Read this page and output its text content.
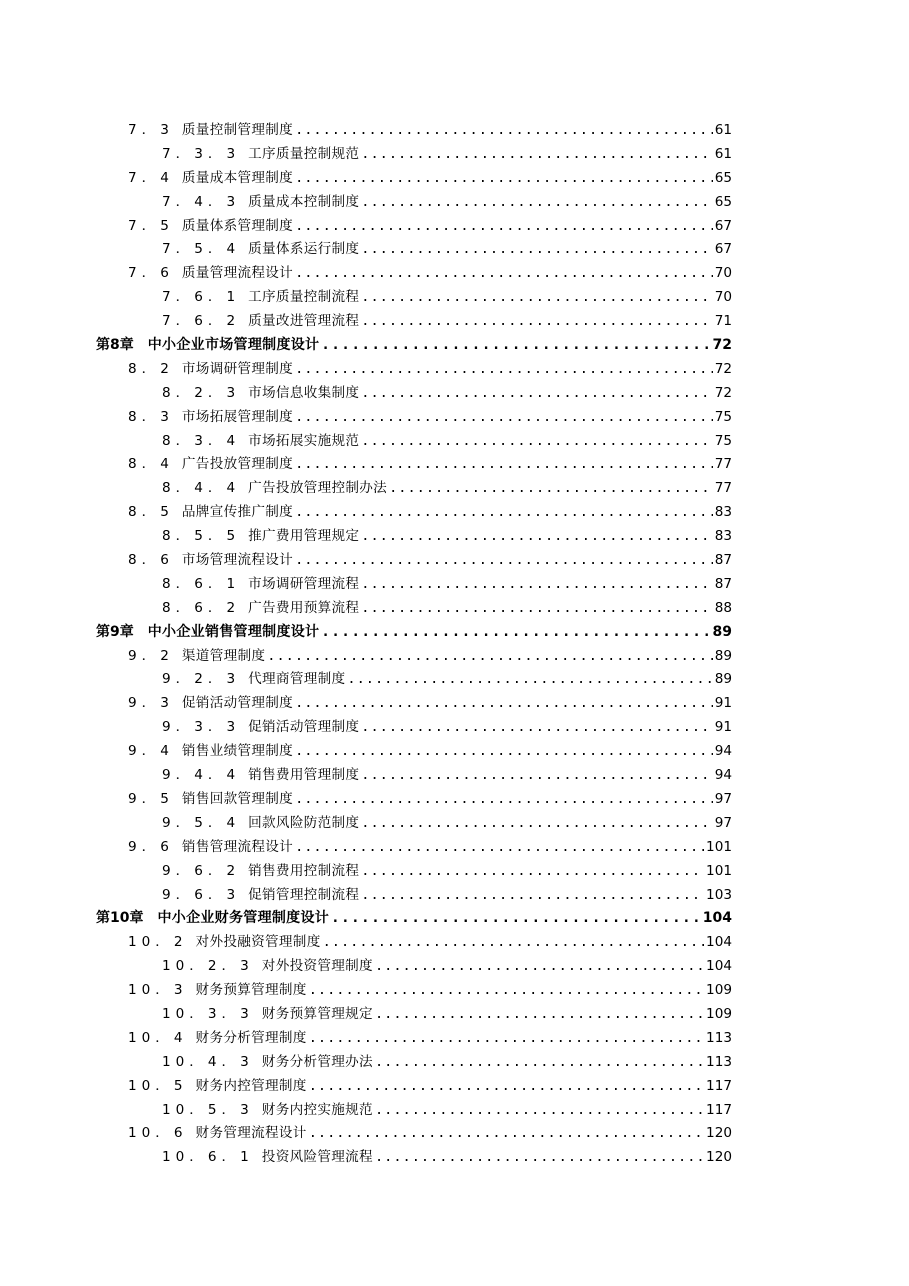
7．3 质量控制管理制度 .....	61
7．3．3 工序质量控制规范 .....	61
7．4 质量成本管理制度 .....	65
7．4．3 质量成本控制制度 .....	65
7．5 质量体系管理制度 .....	67
7．5．4 质量体系运行制度 .....	67
7．6 质量管理流程设计 .....	70
7．6．1 工序质量控制流程 .....	70
7．6．2 质量改进管理流程 .....	71
第8章 中小企业市场管理制度设计 .....	72
8．2 市场调研管理制度 .....	72
8．2．3 市场信息收集制度 .....	72
8．3 市场拓展管理制度 .....	75
8．3．4 市场拓展实施规范 .....	75
8．4 广告投放管理制度 .....	77
8．4．4 广告投放管理控制办法 .....	77
8．5 品牌宣传推广制度 .....	83
8．5．5 推广费用管理规定 .....	83
8．6 市场管理流程设计 .....	87
8．6．1 市场调研管理流程 .....	87
8．6．2 广告费用预算流程 .....	88
第9章 中小企业销售管理制度设计 .....	89
9．2 渠道管理制度 .....	89
9．2．3 代理商管理制度 .....	89
9．3 促销活动管理制度 .....	91
9．3．3 促销活动管理制度 .....	91
9．4 销售业绩管理制度 .....	94
9．4．4 销售费用管理制度 .....	94
9．5 销售回款管理制度 .....	97
9．5．4 回款风险防范制度 .....	97
9．6 销售管理流程设计 .....	101
9．6．2 销售费用控制流程 .....	101
9．6．3 促销管理控制流程 .....	103
第10章 中小企业财务管理制度设计 .....	104
10．2 对外投融资管理制度 .....	104
10．2．3 对外投资管理制度 .....	104
10．3 财务预算管理制度 .....	109
10．3．3 财务预算管理规定 .....	109
10．4 财务分析管理制度 .....	113
10．4．3 财务分析管理办法 .....	113
10．5 财务内控管理制度 .....	117
10．5．3 财务内控实施规范 .....	117
10．6 财务管理流程设计 .....	120
10．6．1 投资风险管理流程 .....	120
